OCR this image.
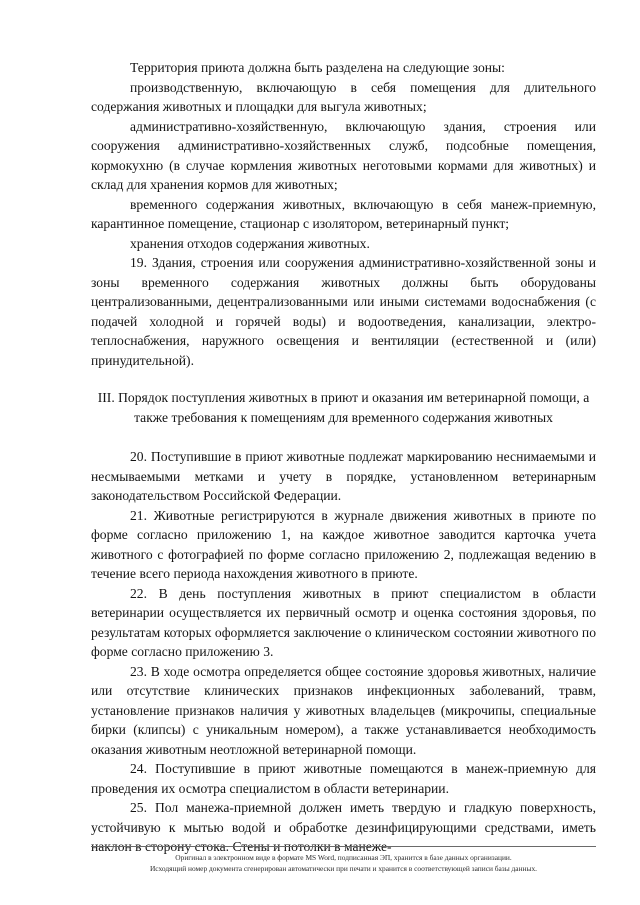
Территория приюта должна быть разделена на следующие зоны:

производственную, включающую в себя помещения для длительного содержания животных и площадки для выгула животных;

административно-хозяйственную, включающую здания, строения или сооружения административно-хозяйственных служб, подсобные помещения, кормокухню (в случае кормления животных неготовыми кормами для животных) и склад для хранения кормов для животных;

временного содержания животных, включающую в себя манеж-приемную, карантинное помещение, стационар с изолятором, ветеринарный пункт;

хранения отходов содержания животных.

19. Здания, строения или сооружения административно-хозяйственной зоны и зоны временного содержания животных должны быть оборудованы централизованными, децентрализованными или иными системами водоснабжения (с подачей холодной и горячей воды) и водоотведения, канализации, электро-теплоснабжения, наружного освещения и вентиляции (естественной и (или) принудительной).

III. Порядок поступления животных в приют и оказания им ветеринарной помощи, а также требования к помещениям для временного содержания животных

20. Поступившие в приют животные подлежат маркированию неснимаемыми и несмываемыми метками и учету в порядке, установленном ветеринарным законодательством Российской Федерации.

21. Животные регистрируются в журнале движения животных в приюте по форме согласно приложению 1, на каждое животное заводится карточка учета животного с фотографией по форме согласно приложению 2, подлежащая ведению в течение всего периода нахождения животного в приюте.

22. В день поступления животных в приют специалистом в области ветеринарии осуществляется их первичный осмотр и оценка состояния здоровья, по результатам которых оформляется заключение о клиническом состоянии животного по форме согласно приложению 3.

23. В ходе осмотра определяется общее состояние здоровья животных, наличие или отсутствие клинических признаков инфекционных заболеваний, травм, установление признаков наличия у животных владельцев (микрочипы, специальные бирки (клипсы) с уникальным номером), а также устанавливается необходимость оказания животным неотложной ветеринарной помощи.

24. Поступившие в приют животные помещаются в манеж-приемную для проведения их осмотра специалистом в области ветеринарии.

25. Пол манежа-приемной должен иметь твердую и гладкую поверхность, устойчивую к мытью водой и обработке дезинфицирующими средствами, иметь наклон в сторону стока. Стены и потолки в манеже-

Оригинал в электронном виде в формате MS Word, подписанная ЭП, хранится в базе данных организации.
Исходящий номер документа сгенерирован автоматически при печати и хранится в соответствующей записи базы данных.
